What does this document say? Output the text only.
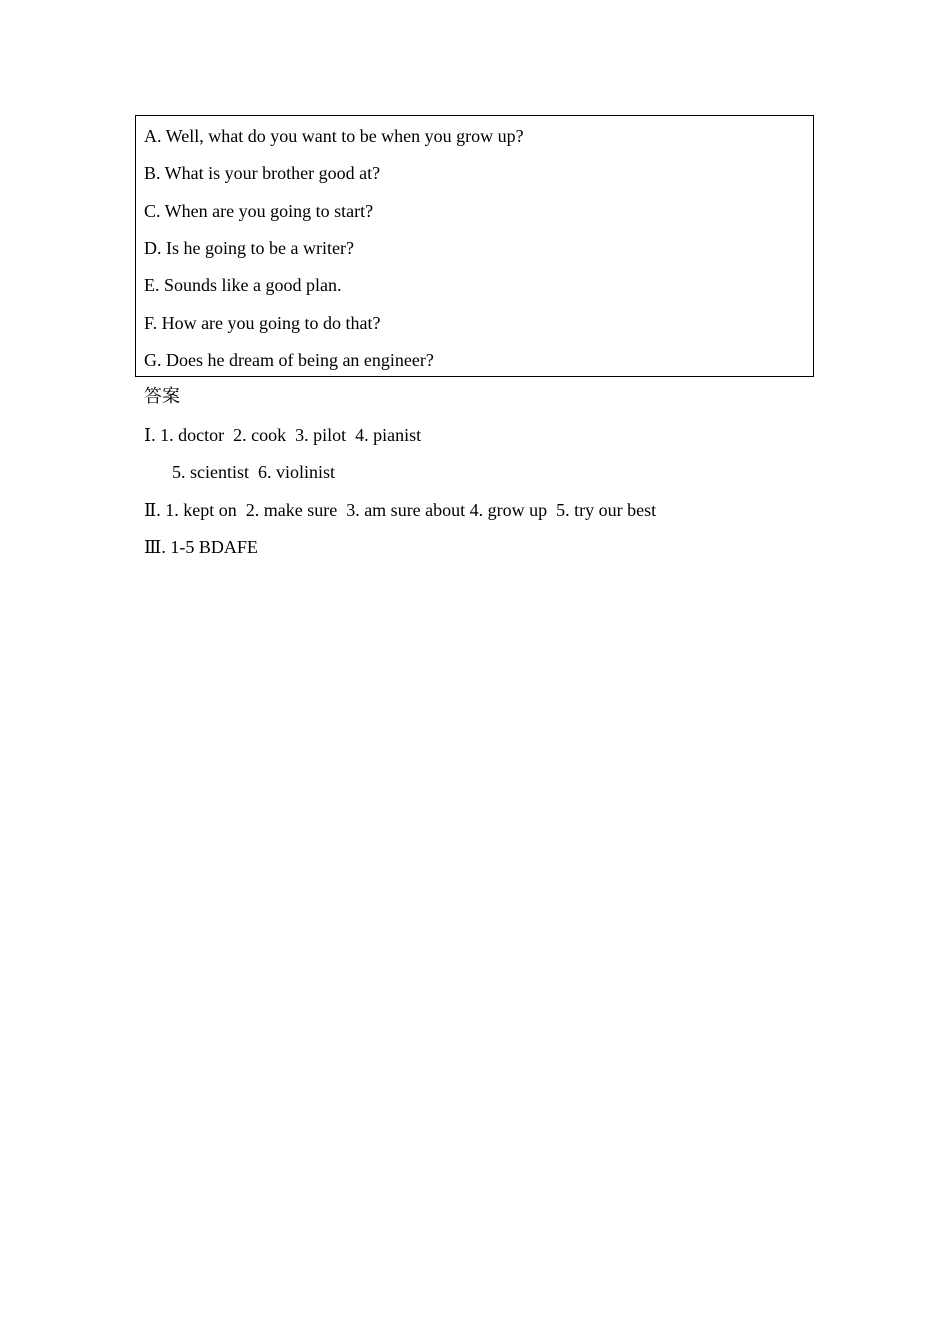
A. Well, what do you want to be when you grow up?
B. What is your brother good at?
C. When are you going to start?
D. Is he going to be a writer?
E. Sounds like a good plan.
F. How are you going to do that?
G. Does he dream of being an engineer?
答案
Ⅰ. 1. doctor  2. cook  3. pilot  4. pianist
5. scientist  6. violinist
Ⅱ. 1. kept on  2. make sure  3. am sure about 4. grow up  5. try our best
Ⅲ. 1-5 BDAFE
